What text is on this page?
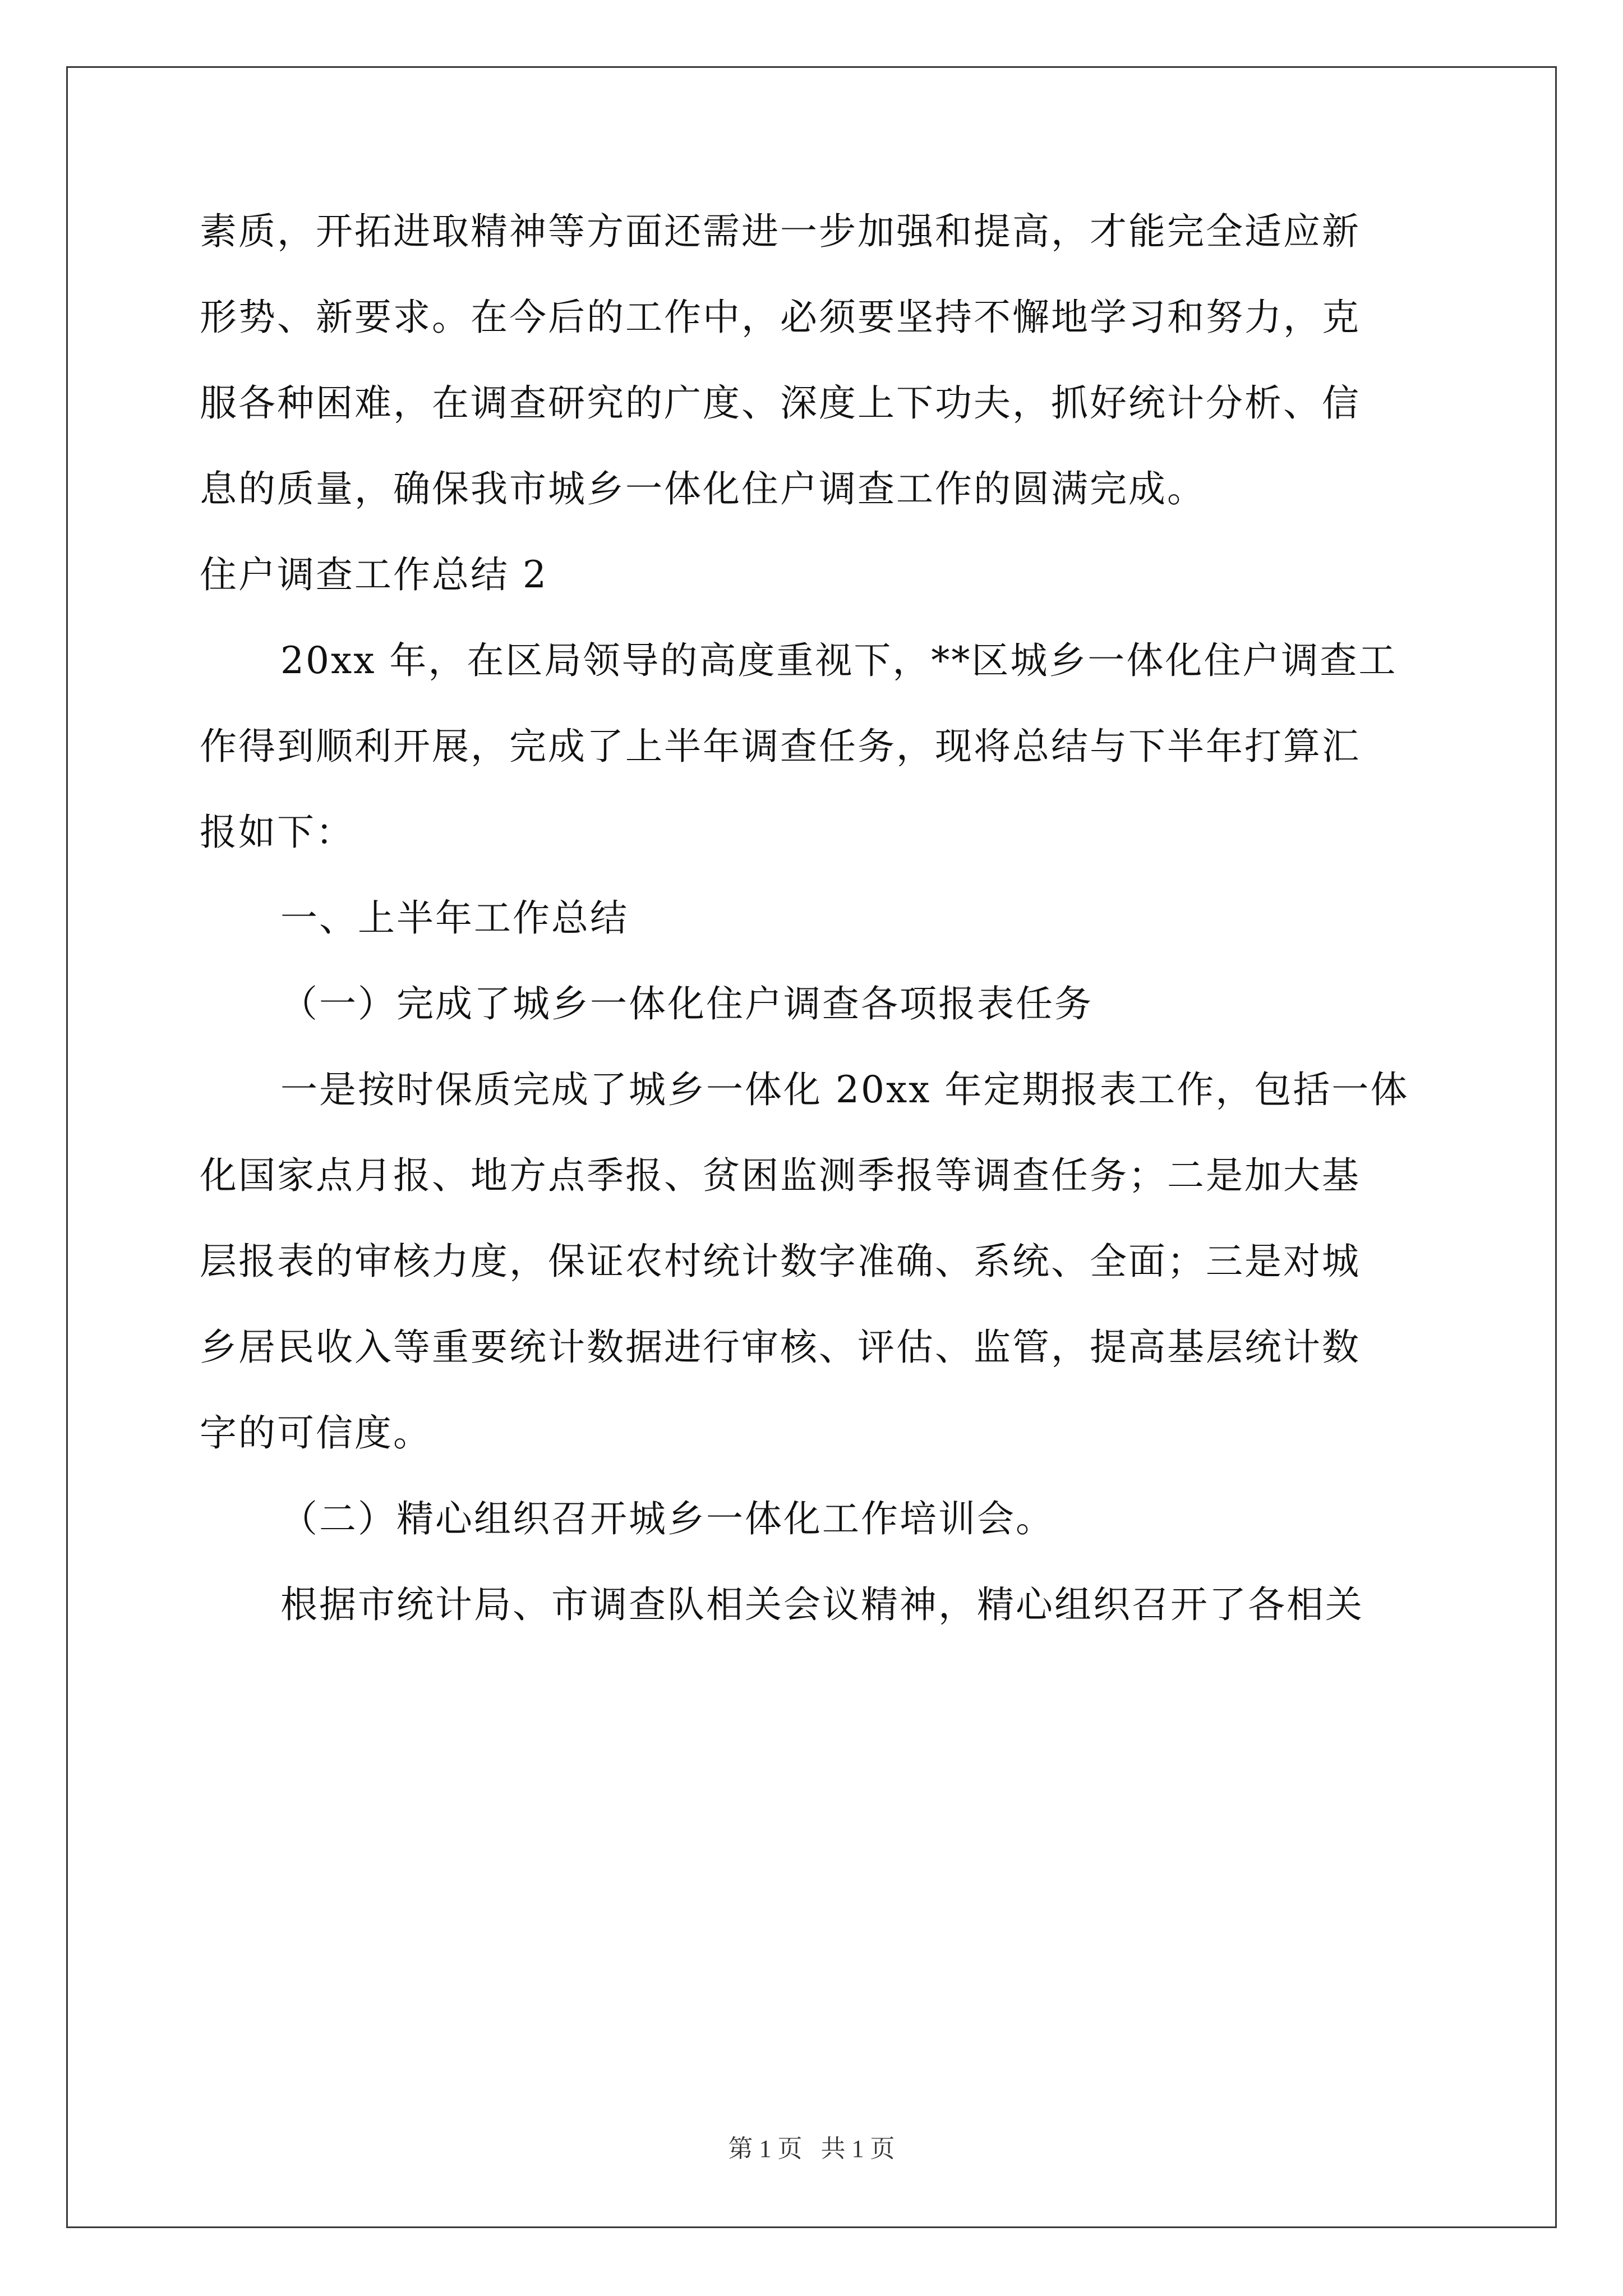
素质，开拓进取精神等方面还需进一步加强和提高，才能完全适应新
形势、新要求。在今后的工作中，必须要坚持不懈地学习和努力，克
服各种困难，在调查研究的广度、深度上下功夫，抓好统计分析、信
息的质量，确保我市城乡一体化住户调查工作的圆满完成。
住户调查工作总结 2
20xx 年，在区局领导的高度重视下，**区城乡一体化住户调查工
作得到顺利开展，完成了上半年调查任务，现将总结与下半年打算汇
报如下：
一、上半年工作总结
（一）完成了城乡一体化住户调查各项报表任务
一是按时保质完成了城乡一体化 20xx 年定期报表工作，包括一体
化国家点月报、地方点季报、贫困监测季报等调查任务；二是加大基
层报表的审核力度，保证农村统计数字准确、系统、全面；三是对城
乡居民收入等重要统计数据进行审核、评估、监管，提高基层统计数
字的可信度。
（二）精心组织召开城乡一体化工作培训会。
根据市统计局、市调查队相关会议精神，精心组织召开了各相关
第 1 页   共 1 页
